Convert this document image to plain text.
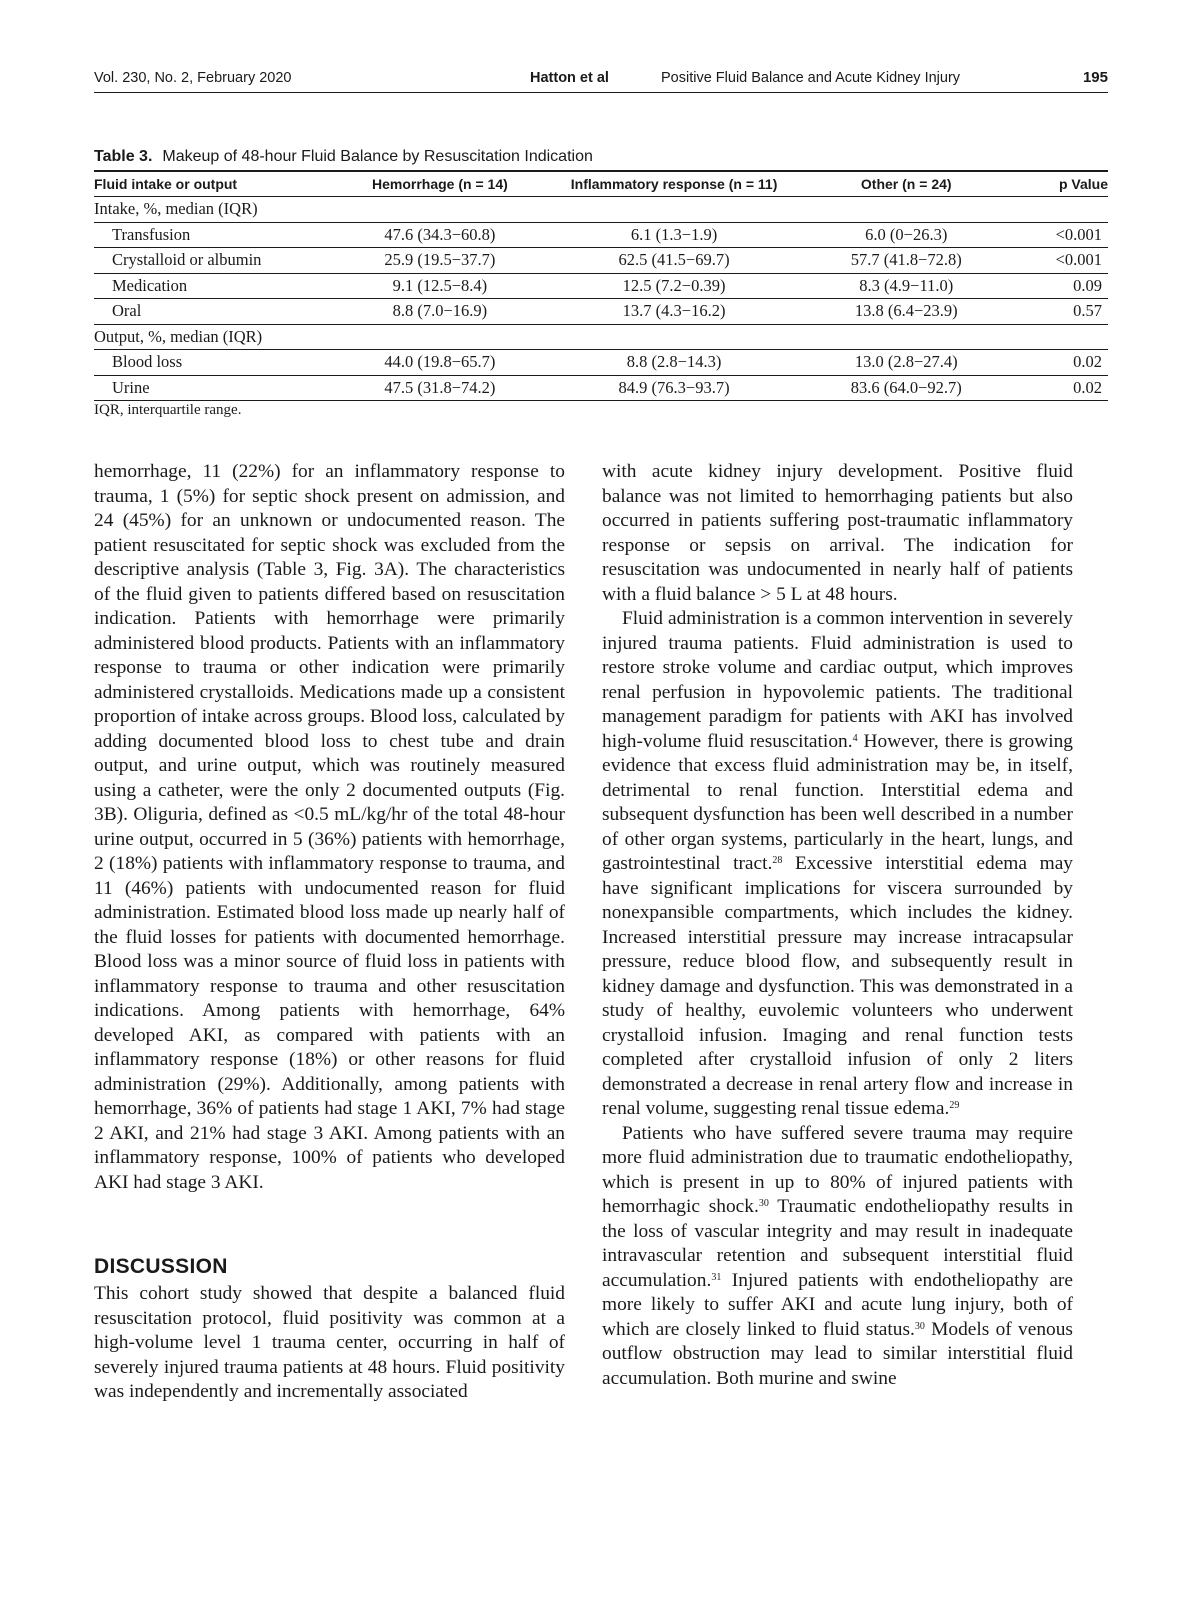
Vol. 230, No. 2, February 2020	Hatton et al	Positive Fluid Balance and Acute Kidney Injury	195
Table 3. Makeup of 48-hour Fluid Balance by Resuscitation Indication
Fluid intake or output	Hemorrhage (n = 14)	Inflammatory response (n = 11)	Other (n = 24)	p Value
Intake, %, median (IQR)				
Transfusion	47.6 (34.3−60.8)	6.1 (1.3−1.9)	6.0 (0−26.3)	<0.001
Crystalloid or albumin	25.9 (19.5−37.7)	62.5 (41.5−69.7)	57.7 (41.8−72.8)	<0.001
Medication	9.1 (12.5−8.4)	12.5 (7.2−0.39)	8.3 (4.9−11.0)	0.09
Oral	8.8 (7.0−16.9)	13.7 (4.3−16.2)	13.8 (6.4−23.9)	0.57
Output, %, median (IQR)				
Blood loss	44.0 (19.8−65.7)	8.8 (2.8−14.3)	13.0 (2.8−27.4)	0.02
Urine	47.5 (31.8−74.2)	84.9 (76.3−93.7)	83.6 (64.0−92.7)	0.02
IQR, interquartile range.

hemorrhage, 11 (22%) for an inflammatory response to trauma, 1 (5%) for septic shock present on admission, and 24 (45%) for an unknown or undocumented reason. The patient resuscitated for septic shock was excluded from the descriptive analysis (Table 3, Fig. 3A). The characteristics of the fluid given to patients differed based on resuscitation indication. Patients with hemorrhage were primarily administered blood products. Patients with an inflammatory response to trauma or other indication were primarily administered crystalloids. Medications made up a consistent proportion of intake across groups. Blood loss, calculated by adding documented blood loss to chest tube and drain output, and urine output, which was routinely measured using a catheter, were the only 2 documented outputs (Fig. 3B). Oliguria, defined as <0.5 mL/kg/hr of the total 48-hour urine output, occurred in 5 (36%) patients with hemorrhage, 2 (18%) patients with inflammatory response to trauma, and 11 (46%) patients with undocumented reason for fluid administration. Estimated blood loss made up nearly half of the fluid losses for patients with documented hemorrhage. Blood loss was a minor source of fluid loss in patients with inflammatory response to trauma and other resuscitation indications. Among patients with hemorrhage, 64% developed AKI, as compared with patients with an inflammatory response (18%) or other reasons for fluid administration (29%). Additionally, among patients with hemorrhage, 36% of patients had stage 1 AKI, 7% had stage 2 AKI, and 21% had stage 3 AKI. Among patients with an inflammatory response, 100% of patients who developed AKI had stage 3 AKI.

DISCUSSION

This cohort study showed that despite a balanced fluid resuscitation protocol, fluid positivity was common at a high-volume level 1 trauma center, occurring in half of severely injured trauma patients at 48 hours. Fluid positivity was independently and incrementally associated

with acute kidney injury development. Positive fluid balance was not limited to hemorrhaging patients but also occurred in patients suffering post-traumatic inflammatory response or sepsis on arrival. The indication for resuscitation was undocumented in nearly half of patients with a fluid balance > 5 L at 48 hours.

Fluid administration is a common intervention in severely injured trauma patients. Fluid administration is used to restore stroke volume and cardiac output, which improves renal perfusion in hypovolemic patients. The traditional management paradigm for patients with AKI has involved high-volume fluid resuscitation.$^4$ However, there is growing evidence that excess fluid administration may be, in itself, detrimental to renal function. Interstitial edema and subsequent dysfunction has been well described in a number of other organ systems, particularly in the heart, lungs, and gastrointestinal tract.$^{28}$ Excessive interstitial edema may have significant implications for viscera surrounded by nonexpansible compartments, which includes the kidney. Increased interstitial pressure may increase intracapsular pressure, reduce blood flow, and subsequently result in kidney damage and dysfunction. This was demonstrated in a study of healthy, euvolemic volunteers who underwent crystalloid infusion. Imaging and renal function tests completed after crystalloid infusion of only 2 liters demonstrated a decrease in renal artery flow and increase in renal volume, suggesting renal tissue edema.$^{29}$

Patients who have suffered severe trauma may require more fluid administration due to traumatic endotheliopathy, which is present in up to 80% of injured patients with hemorrhagic shock.$^{30}$ Traumatic endotheliopathy results in the loss of vascular integrity and may result in inadequate intravascular retention and subsequent interstitial fluid accumulation.$^{31}$ Injured patients with endotheliopathy are more likely to suffer AKI and acute lung injury, both of which are closely linked to fluid status.$^{30}$ Models of venous outflow obstruction may lead to similar interstitial fluid accumulation. Both murine and swine
